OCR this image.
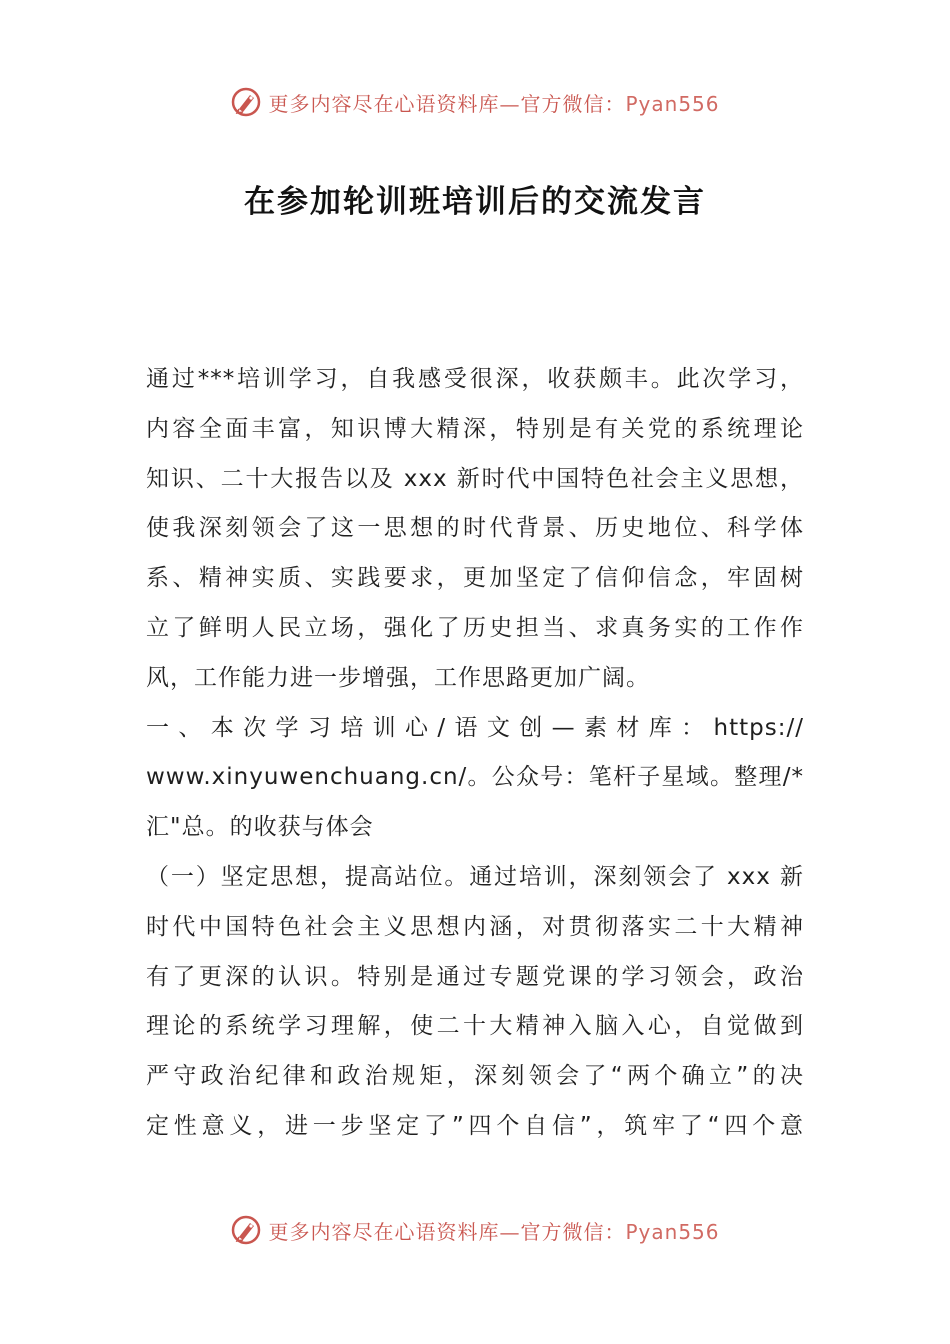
更多内容尽在心语资料库—官方微信：Pyan556
在参加轮训班培训后的交流发言
通过***培训学习，自我感受很深，收获颇丰。此次学习，
内容全面丰富，知识博大精深，特别是有关党的系统理论
知识、二十大报告以及 xxx 新时代中国特色社会主义思想，
使我深刻领会了这一思想的时代背景、历史地位、科学体
系、精神实质、实践要求，更加坚定了信仰信念，牢固树
立了鲜明人民立场，强化了历史担当、求真务实的工作作
风，工作能力进一步增强，工作思路更加广阔。
一 、 本 次 学 习 培 训 心 / 语 文 创 — 素 材 库 ： https://
www.xinyuwenchuang.cn/。公众号：笔杆子星域。整理/*
汇"总。的收获与体会
（一）坚定思想，提高站位。通过培训，深刻领会了 xxx 新
时代中国特色社会主义思想内涵，对贯彻落实二十大精神
有了更深的认识。特别是通过专题党课的学习领会，政治
理论的系统学习理解，使二十大精神入脑入心，自觉做到
严守政治纪律和政治规矩，深刻领会了“两个确立”的决
定性意义，进一步坚定了”四个自信”，筑牢了“四个意
更多内容尽在心语资料库—官方微信：Pyan556
